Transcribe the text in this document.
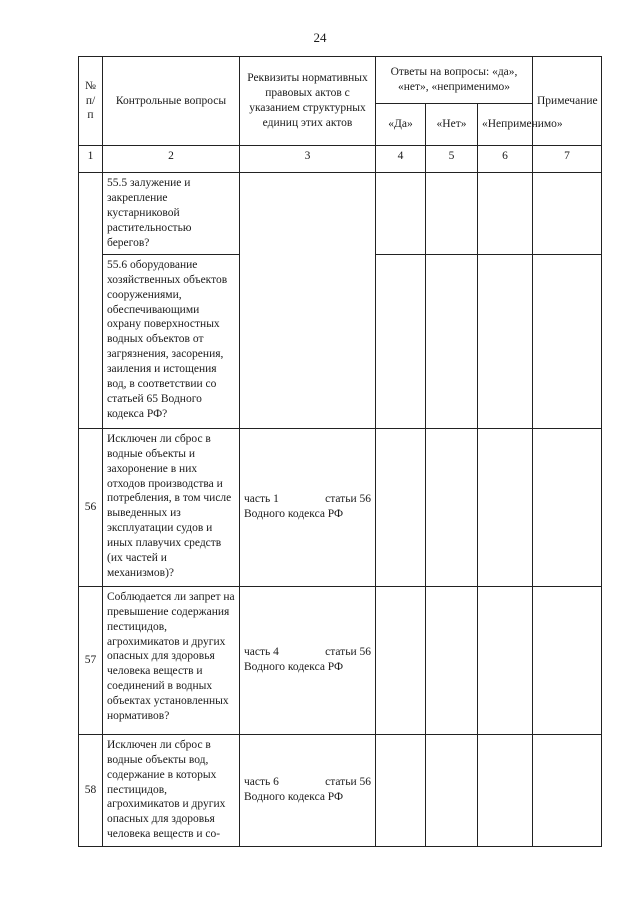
24
№ п/п	Контрольные вопросы	Реквизиты нормативных правовых актов с указанием структурных единиц этих актов	Ответы на вопросы: «да», «нет», «неприменимо»			Примечание
			«Да»	«Нет»	«Неприменимо»	
1	2	3	4	5	6	7
	55.5 залужение и закрепление кустарниковой растительностью берегов?					
	55.6 оборудование хозяйственных объектов сооружениями, обеспечивающими охрану поверхностных водных объектов от загрязнения, засорения, заиления и истощения вод, в соответствии со статьей 65 Водного кодекса РФ?					
56	Исключен ли сброс в водные объекты и захоронение в них отходов производства и потребления, в том числе выведенных из эксплуатации судов и иных плавучих средств (их частей и механизмов)?	часть 1 статьи 56
Водного кодекса РФ				

57	Соблюдается ли запрет на превышение содержания пестицидов, агрохимикатов и других опасных для здоровья человека веществ и соединений в водных объектах установленных нормативов?	часть 4 статьи 56
Водного кодекса РФ				

58	Исключен ли сброс в водные объекты вод, содержание в которых пестицидов, агрохимикатов и других опасных для здоровья человека веществ и со-	часть 6 статьи 56
Водного кодекса РФ				
